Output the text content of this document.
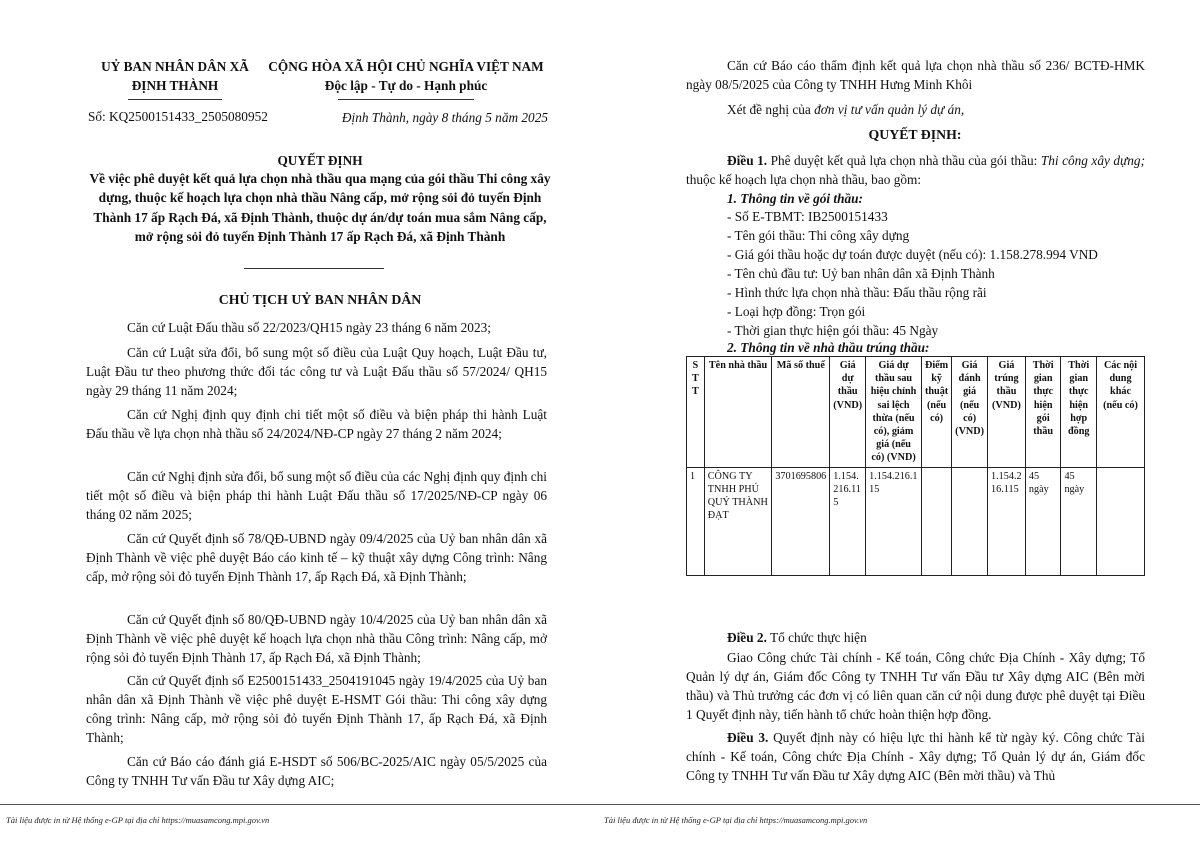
UỶ BAN NHÂN DÂN XÃ
ĐỊNH THÀNH
CỘNG HÒA XÃ HỘI CHỦ NGHĨA VIỆT NAM
Độc lập - Tự do - Hạnh phúc
Số: KQ2500151433_2505080952	Định Thành, ngày 8 tháng 5 năm 2025
QUYẾT ĐỊNH
Về việc phê duyệt kết quả lựa chọn nhà thầu qua mạng của gói thầu Thi công xây dựng, thuộc kế hoạch lựa chọn nhà thầu Nâng cấp, mở rộng sỏi đỏ tuyến Định Thành 17 ấp Rạch Đá, xã Định Thành, thuộc dự án/dự toán mua sắm Nâng cấp, mở rộng sỏi đỏ tuyến Định Thành 17 ấp Rạch Đá, xã Định Thành
CHỦ TỊCH UỶ BAN NHÂN DÂN

Căn cứ Luật Đấu thầu số 22/2023/QH15 ngày 23 tháng 6 năm 2023;

Căn cứ Luật sửa đổi, bổ sung một số điều của Luật Quy hoạch, Luật Đầu tư, Luật Đầu tư theo phương thức đối tác công tư và Luật Đấu thầu số 57/2024/ QH15 ngày 29 tháng 11 năm 2024;

Căn cứ Nghị định quy định chi tiết một số điều và biện pháp thi hành Luật Đấu thầu về lựa chọn nhà thầu số 24/2024/NĐ-CP ngày 27 tháng 2 năm 2024;

Căn cứ Nghị định sửa đổi, bổ sung một số điều của các Nghị định quy định chi tiết một số điều và biện pháp thi hành Luật Đấu thầu số 17/2025/NĐ-CP ngày 06 tháng 02 năm 2025;

Căn cứ Quyết định số 78/QĐ-UBND ngày 09/4/2025 của Uỷ ban nhân dân xã Định Thành về việc phê duyệt Báo cáo kinh tế – kỹ thuật xây dựng Công trình: Nâng cấp, mở rộng sỏi đỏ tuyến Định Thành 17, ấp Rạch Đá, xã Định Thành;

Căn cứ Quyết định số 80/QĐ-UBND ngày 10/4/2025 của Uỷ ban nhân dân xã Định Thành về việc phê duyệt kế hoạch lựa chọn nhà thầu Công trình: Nâng cấp, mở rộng sỏi đỏ tuyến Định Thành 17, ấp Rạch Đá, xã Định Thành;

Căn cứ Quyết định số E2500151433_2504191045 ngày 19/4/2025 của Uỷ ban nhân dân xã Định Thành về việc phê duyệt E-HSMT Gói thầu: Thi công xây dựng công trình: Nâng cấp, mở rộng sỏi đỏ tuyến Định Thành 17, ấp Rạch Đá, xã Định Thành;

Căn cứ Báo cáo đánh giá E-HSDT số 506/BC-2025/AIC ngày 05/5/2025 của Công ty TNHH Tư vấn Đầu tư Xây dựng AIC;

Tài liệu được in từ Hệ thống e-GP tại địa chỉ https://muasamcong.mpi.gov.vn

Căn cứ Báo cáo thẩm định kết quả lựa chọn nhà thầu số 236/ BCTĐ-HMK ngày 08/5/2025 của Công ty TNHH Hưng Minh Khôi

Xét đề nghị của đơn vị tư vấn quản lý dự án,

QUYẾT ĐỊNH:

Điều 1. Phê duyệt kết quả lựa chọn nhà thầu của gói thầu: Thi công xây dựng; thuộc kế hoạch lựa chọn nhà thầu, bao gồm:

1. Thông tin về gói thầu:
- Số E-TBMT: IB2500151433
- Tên gói thầu: Thi công xây dựng
- Giá gói thầu hoặc dự toán được duyệt (nếu có): 1.158.278.994 VND
- Tên chủ đầu tư: Uỷ ban nhân dân xã Định Thành
- Hình thức lựa chọn nhà thầu: Đấu thầu rộng rãi
- Loại hợp đồng: Trọn gói
- Thời gian thực hiện gói thầu: 45 Ngày
2. Thông tin về nhà thầu trúng thầu:
Tài liệu được in từ Hệ thống e-GP tại địa chỉ https://muasamcong.mpi.gov.vn
STT	Tên nhà thầu	Mã số thuế	Giá dự thầu (VND)	Giá dự thầu sau hiệu chỉnh sai lệch thừa (nếu có), giảm giá (nếu có) (VND)	Điểm kỹ thuật (nếu có)	Giá đánh giá (nếu có) (VND)	Giá trúng thầu (VND)	Thời gian thực hiện gói thầu	Thời gian thực hiện hợp đồng	Các nội dung khác (nếu có)
1	CÔNG TY TNHH PHÚ QUÝ THÀNH ĐẠT	3701695806	1.154.216.115	1.154.216.115			1.154.216.115	45 ngày	45 ngày	

Điều 2. Tổ chức thực hiện

Giao Công chức Tài chính - Kế toán, Công chức Địa Chính - Xây dựng; Tổ Quản lý dự án, Giám đốc Công ty TNHH Tư vấn Đầu tư Xây dựng AIC (Bên mời thầu) và Thủ trưởng các đơn vị có liên quan căn cứ nội dung được phê duyệt tại Điều 1 Quyết định này, tiến hành tổ chức hoàn thiện hợp đồng.

Điều 3. Quyết định này có hiệu lực thi hành kể từ ngày ký. Công chức Tài chính - Kế toán, Công chức Địa Chính - Xây dựng; Tổ Quản lý dự án, Giám đốc Công ty TNHH Tư vấn Đầu tư Xây dựng AIC (Bên mời thầu) và Thủ
